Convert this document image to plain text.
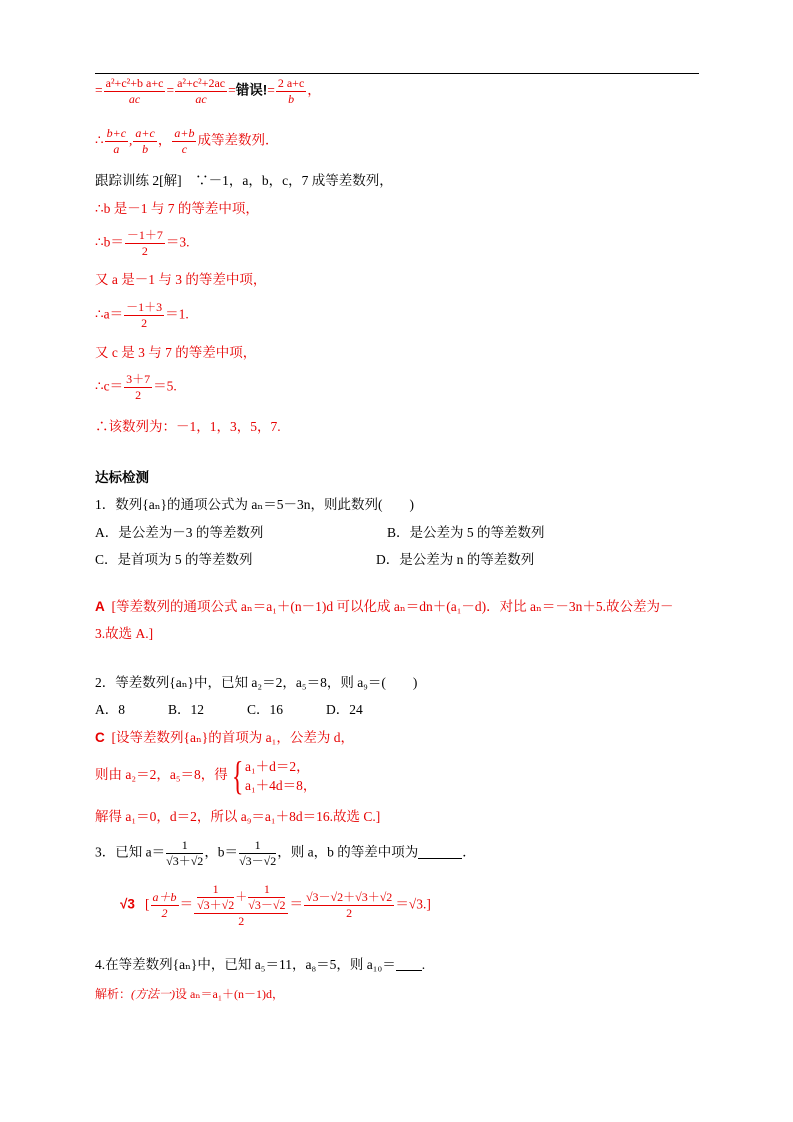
= $\frac{\text{a²+c²+b a+c}}{ac} = \frac{\text{a²+c²+2ac}}{ac}$ =错误!= $\frac{2 a+c}{b}$ ，
∴ $\frac{b+c}{a}$ , $\frac{a+c}{b}$ ， $\frac{a+b}{c}$ 成等差数列．
跟踪训练 2[解]　∵－1，a，b，c，7 成等差数列，
∴b 是－1 与 7 的等差中项，
∴b＝ $\frac{-1+7}{2} =3$.
又 a 是－1 与 3 的等差中项，
∴a＝ $\frac{-1+3}{2} =1$.
又 c 是 3 与 7 的等差中项，
∴c＝ $\frac{3+7}{2} =5$.
∴该数列为：－1，1，3，5，7.
达标检测
1．数列{aₙ}的通项公式为 aₙ＝5－3n，则此数列(　　)
A．是公差为－3 的等差数列	B．是公差为 5 的等差数列
C．是首项为 5 的等差数列	D．是公差为 n 的等差数列
A [等差数列的通项公式 aₙ＝a₁＋(n－1)d 可以化成 aₙ＝dn＋(a₁－d)．对比 aₙ＝－3n＋5.故公差为－
3.故选 A.]
2．等差数列{aₙ}中，已知 a₂＝2，a₅＝8，则 a₉＝(　　)
A．8	B．12	C．16	D．24
C [设等差数列{aₙ}的首项为 a₁，公差为 d，
则由 a₂＝2，a₅＝8，得{ a₁＋d＝2，
a₁＋4d＝8，
解得 a₁＝0，d＝2，所以 a₉＝a₁＋8d＝16.故选 C.]
3．已知 $a= \frac{1}{√3+√2}$ ，$b= \frac{1}{√3-√2}$ ，则 a，b 的等差中项为	．
√3 [ $\frac{a+b}{2} = \frac{\frac{1}{√3+√2} + \frac{1}{√3-√2}}{2} = \frac{√3-√2+√3+√2}{2} =√3$.]
4.在等差数列{aₙ}中，已知 a₅＝11，a₈＝5，则 a₁₀＝ .
解析：(方法一)设 aₙ＝a₁＋(n－1)d，
